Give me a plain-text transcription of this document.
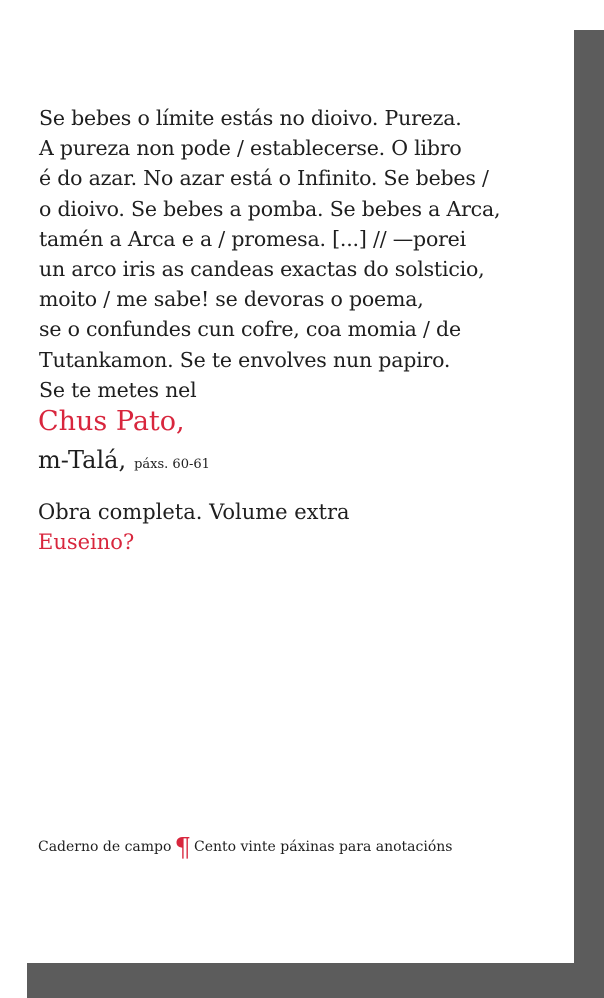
Se bebes o límite estás no dioivo. Pureza.
A pureza non pode / establecerse. O libro
é do azar. No azar está o Infinito. Se bebes /
o dioivo. Se bebes a pomba. Se bebes a Arca,
tamén a Arca e a / promesa. [...] // —porei
un arco iris as candeas exactas do solsticio,
moito / me sabe! se devoras o poema,
se o confundes cun cofre, coa momia / de
Tutankamon. Se te envolves nun papiro.
Se te metes nel
Chus Pato,
m-Talá, páxs. 60-61
Obra completa. Volume extra
Euseino?
Caderno de campo ¶ Cento vinte páxinas para anotacións
